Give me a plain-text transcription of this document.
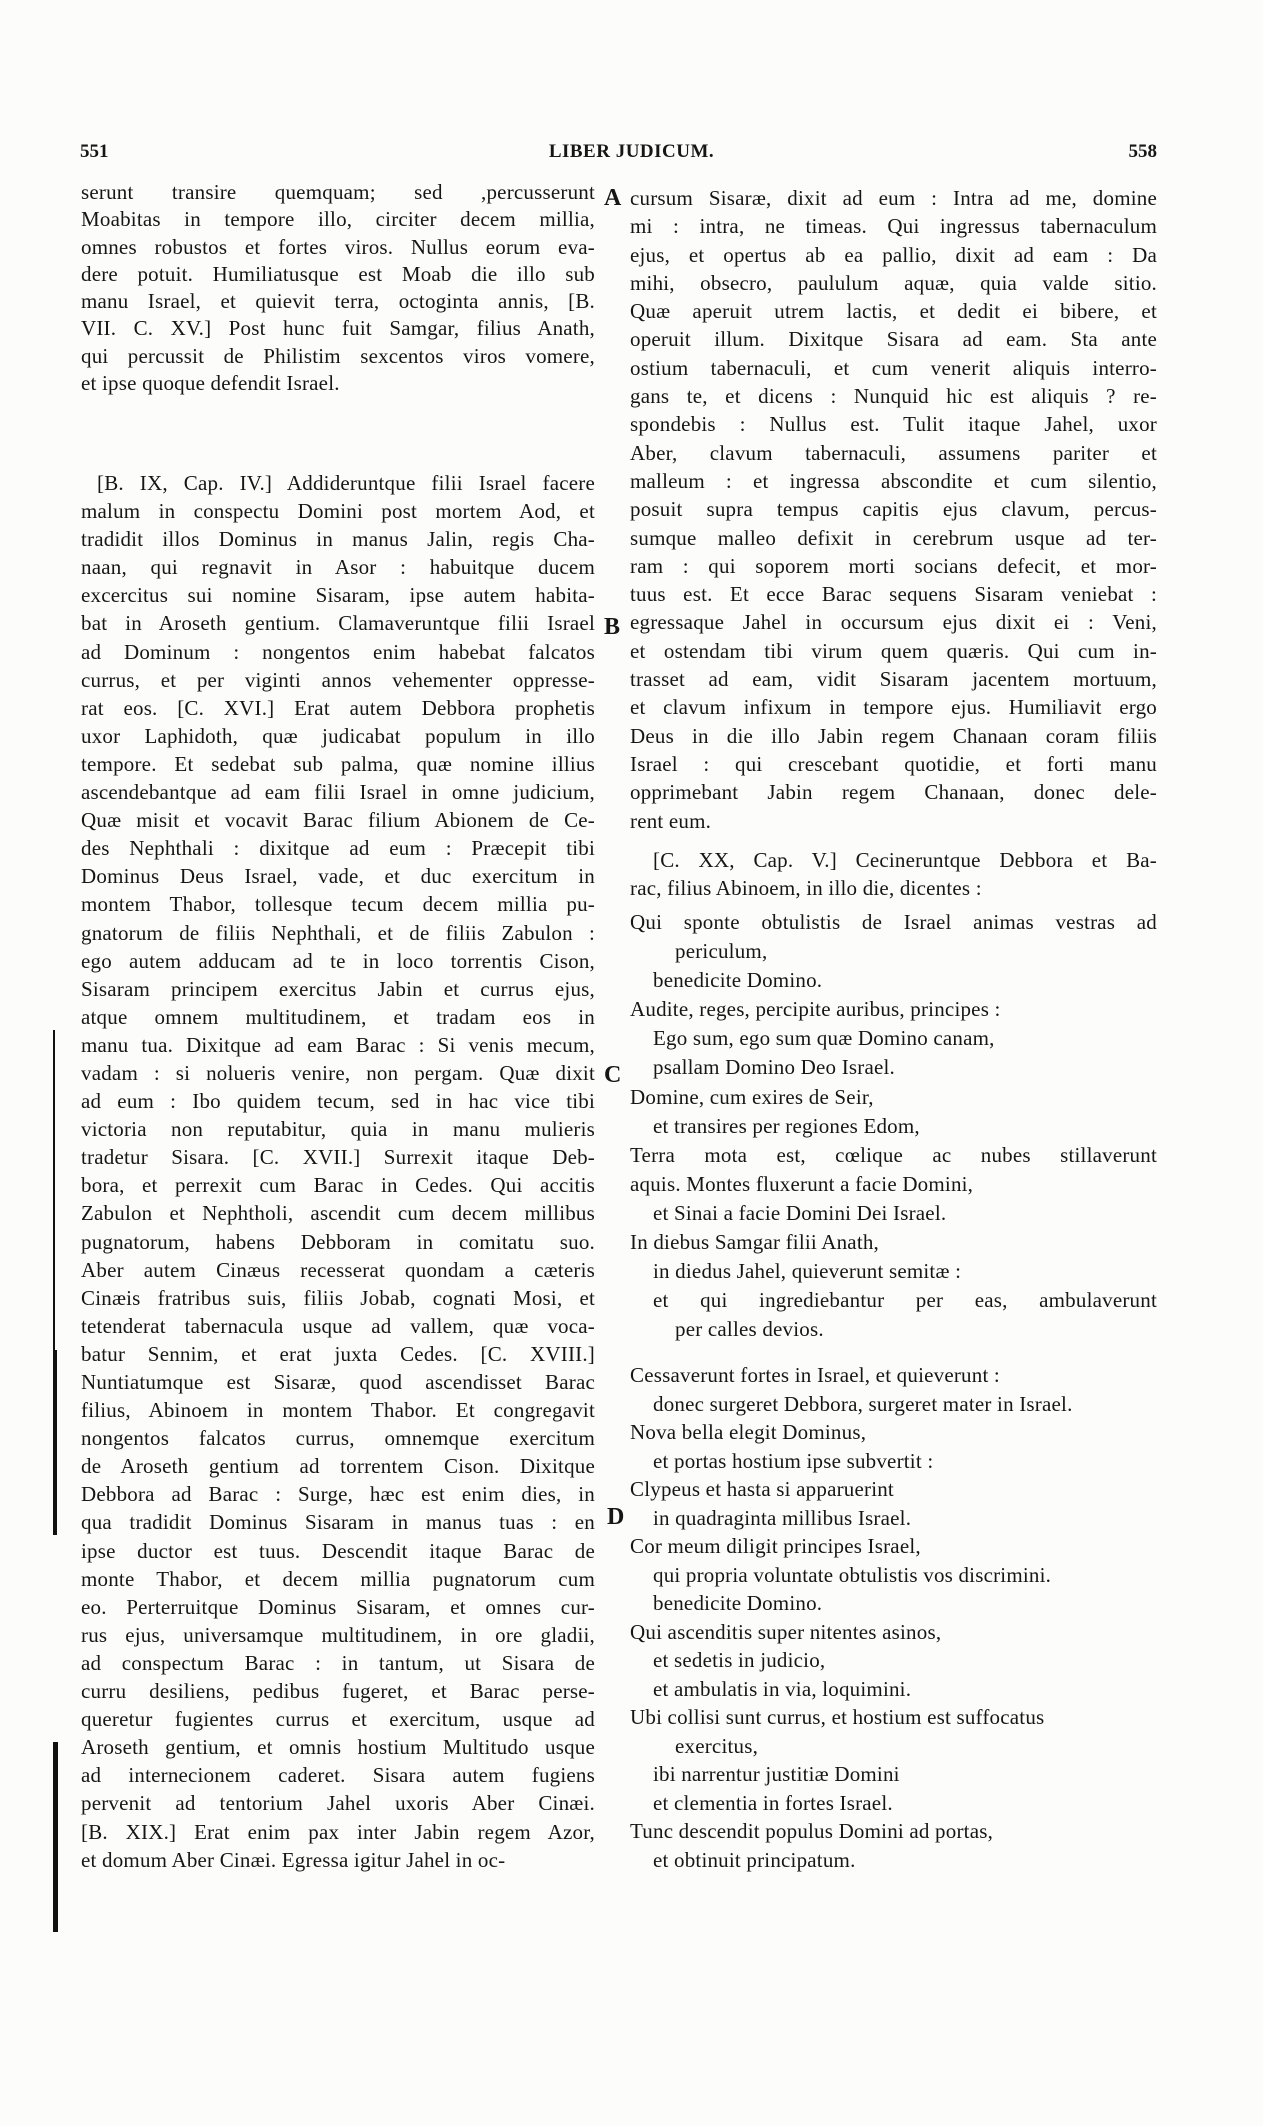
551	LIBER JUDICUM.	558
serunt transire quemquam; sed ,percusserunt
Moabitas in tempore illo, circiter decem millia,
omnes robustos et fortes viros. Nullus eorum eva-
dere potuit. Humiliatusque est Moab die illo sub
manu Israel, et quievit terra, octoginta annis, [B.
VII. C. XV.] Post hunc fuit Samgar, filius Anath,
qui percussit de Philistim sexcentos viros vomere,
et ipse quoque defendit Israel.
[B. IX, Cap. IV.] Addideruntque filii Israel facere
malum in conspectu Domini post mortem Aod, et
tradidit illos Dominus in manus Jalin, regis Cha-
naan, qui regnavit in Asor : habuitque ducem
excercitus sui nomine Sisaram, ipse autem habita-
bat in Aroseth gentium. Clamaveruntque filii Israel
ad Dominum : nongentos enim habebat falcatos
currus, et per viginti annos vehementer oppresse-
rat eos. [C. XVI.] Erat autem Debbora prophetis
uxor Laphidoth, quæ judicabat populum in illo
tempore. Et sedebat sub palma, quæ nomine illius
ascendebantque ad eam filii Israel in omne judicium,
Quæ misit et vocavit Barac filium Abionem de Ce-
des Nephthali : dixitque ad eum : Præcepit tibi
Dominus Deus Israel, vade, et duc exercitum in
montem Thabor, tollesque tecum decem millia pu-
gnatorum de filiis Nephthali, et de filiis Zabulon :
ego autem adducam ad te in loco torrentis Cison,
Sisaram principem exercitus Jabin et currus ejus,
atque omnem multitudinem, et tradam eos in
manu tua. Dixitque ad eam Barac : Si venis mecum,
vadam : si nolueris venire, non pergam. Quæ dixit
ad eum : Ibo quidem tecum, sed in hac vice tibi
victoria non reputabitur, quia in manu mulieris
tradetur Sisara. [C. XVII.] Surrexit itaque Deb-
bora, et perrexit cum Barac in Cedes. Qui accitis
Zabulon et Nephtholi, ascendit cum decem millibus
pugnatorum, habens Debboram in comitatu suo.
Aber autem Cinæus recesserat quondam a cæteris
Cinæis fratribus suis, filiis Jobab, cognati Mosi, et
tetenderat tabernacula usque ad vallem, quæ voca-
batur Sennim, et erat juxta Cedes. [C. XVIII.]
Nuntiatumque est Sisaræ, quod ascendisset Barac
filius, Abinoem in montem Thabor. Et congregavit
nongentos falcatos currus, omnemque exercitum
de Aroseth gentium ad torrentem Cison. Dixitque
Debbora ad Barac : Surge, hæc est enim dies, in
qua tradidit Dominus Sisaram in manus tuas : en
ipse ductor est tuus. Descendit itaque Barac de
monte Thabor, et decem millia pugnatorum cum
eo. Perterruitque Dominus Sisaram, et omnes cur-
rus ejus, universamque multitudinem, in ore gladii,
ad conspectum Barac : in tantum, ut Sisara de
curru desiliens, pedibus fugeret, et Barac perse-
queretur fugientes currus et exercitum, usque ad
Aroseth gentium, et omnis hostium Multitudo usque
ad internecionem caderet. Sisara autem fugiens
pervenit ad tentorium Jahel uxoris Aber Cinæi.
[B. XIX.] Erat enim pax inter Jabin regem Azor,
et domum Aber Cinæi. Egressa igitur Jahel in oc-
cursum Sisaræ, dixit ad eum : Intra ad me, domine
mi : intra, ne timeas. Qui ingressus tabernaculum
ejus, et opertus ab ea pallio, dixit ad eam : Da
mihi, obsecro, paululum aquæ, quia valde sitio.
Quæ aperuit utrem lactis, et dedit ei bibere, et
operuit illum. Dixitque Sisara ad eam. Sta ante
ostium tabernaculi, et cum venerit aliquis interro-
gans te, et dicens : Nunquid hic est aliquis ? re-
spondebis : Nullus est. Tulit itaque Jahel, uxor
Aber, clavum tabernaculi, assumens pariter et
malleum : et ingressa abscondite et cum silentio,
posuit supra tempus capitis ejus clavum, percus-
sumque malleo defixit in cerebrum usque ad ter-
ram : qui soporem morti socians defecit, et mor-
tuus est. Et ecce Barac sequens Sisaram veniebat :
egressaque Jahel in occursum ejus dixit ei : Veni,
et ostendam tibi virum quem quæris. Qui cum in-
trasset ad eam, vidit Sisaram jacentem mortuum,
et clavum infixum in tempore ejus. Humiliavit ergo
Deus in die illo Jabin regem Chanaan coram filiis
Israel : qui crescebant quotidie, et forti manu
opprimebant Jabin regem Chanaan, donec dele-
rent eum.
[C. XX, Cap. V.] Cecineruntque Debbora et Ba-
rac, filius Abinoem, in illo die, dicentes :
Qui sponte obtulistis de Israel animas vestras ad
periculum,
benedicite Domino.
Audite, reges, percipite auribus, principes :
Ego sum, ego sum quæ Domino canam,
psallam Domino Deo Israel.
Domine, cum exires de Seir,
et transires per regiones Edom,
Terra mota est, cœlique ac nubes stillaverunt
aquis. Montes fluxerunt a facie Domini,
et Sinai a facie Domini Dei Israel.
In diebus Samgar filii Anath,
in diedus Jahel, quieverunt semitæ :
et qui ingrediebantur per eas, ambulaverunt
per calles devios.
Cessaverunt fortes in Israel, et quieverunt :
donec surgeret Debbora, surgeret mater in Israel.
Nova bella elegit Dominus,
et portas hostium ipse subvertit :
Clypeus et hasta si apparuerint
in quadraginta millibus Israel.
Cor meum diligit principes Israel,
qui propria voluntate obtulistis vos discrimini.
benedicite Domino.
Qui ascenditis super nitentes asinos,
et sedetis in judicio,
et ambulatis in via, loquimini.
Ubi collisi sunt currus, et hostium est suffocatus
exercitus,
ibi narrentur justitiæ Domini
et clementia in fortes Israel.
Tunc descendit populus Domini ad portas,
et obtinuit principatum.
A
B
C
D
